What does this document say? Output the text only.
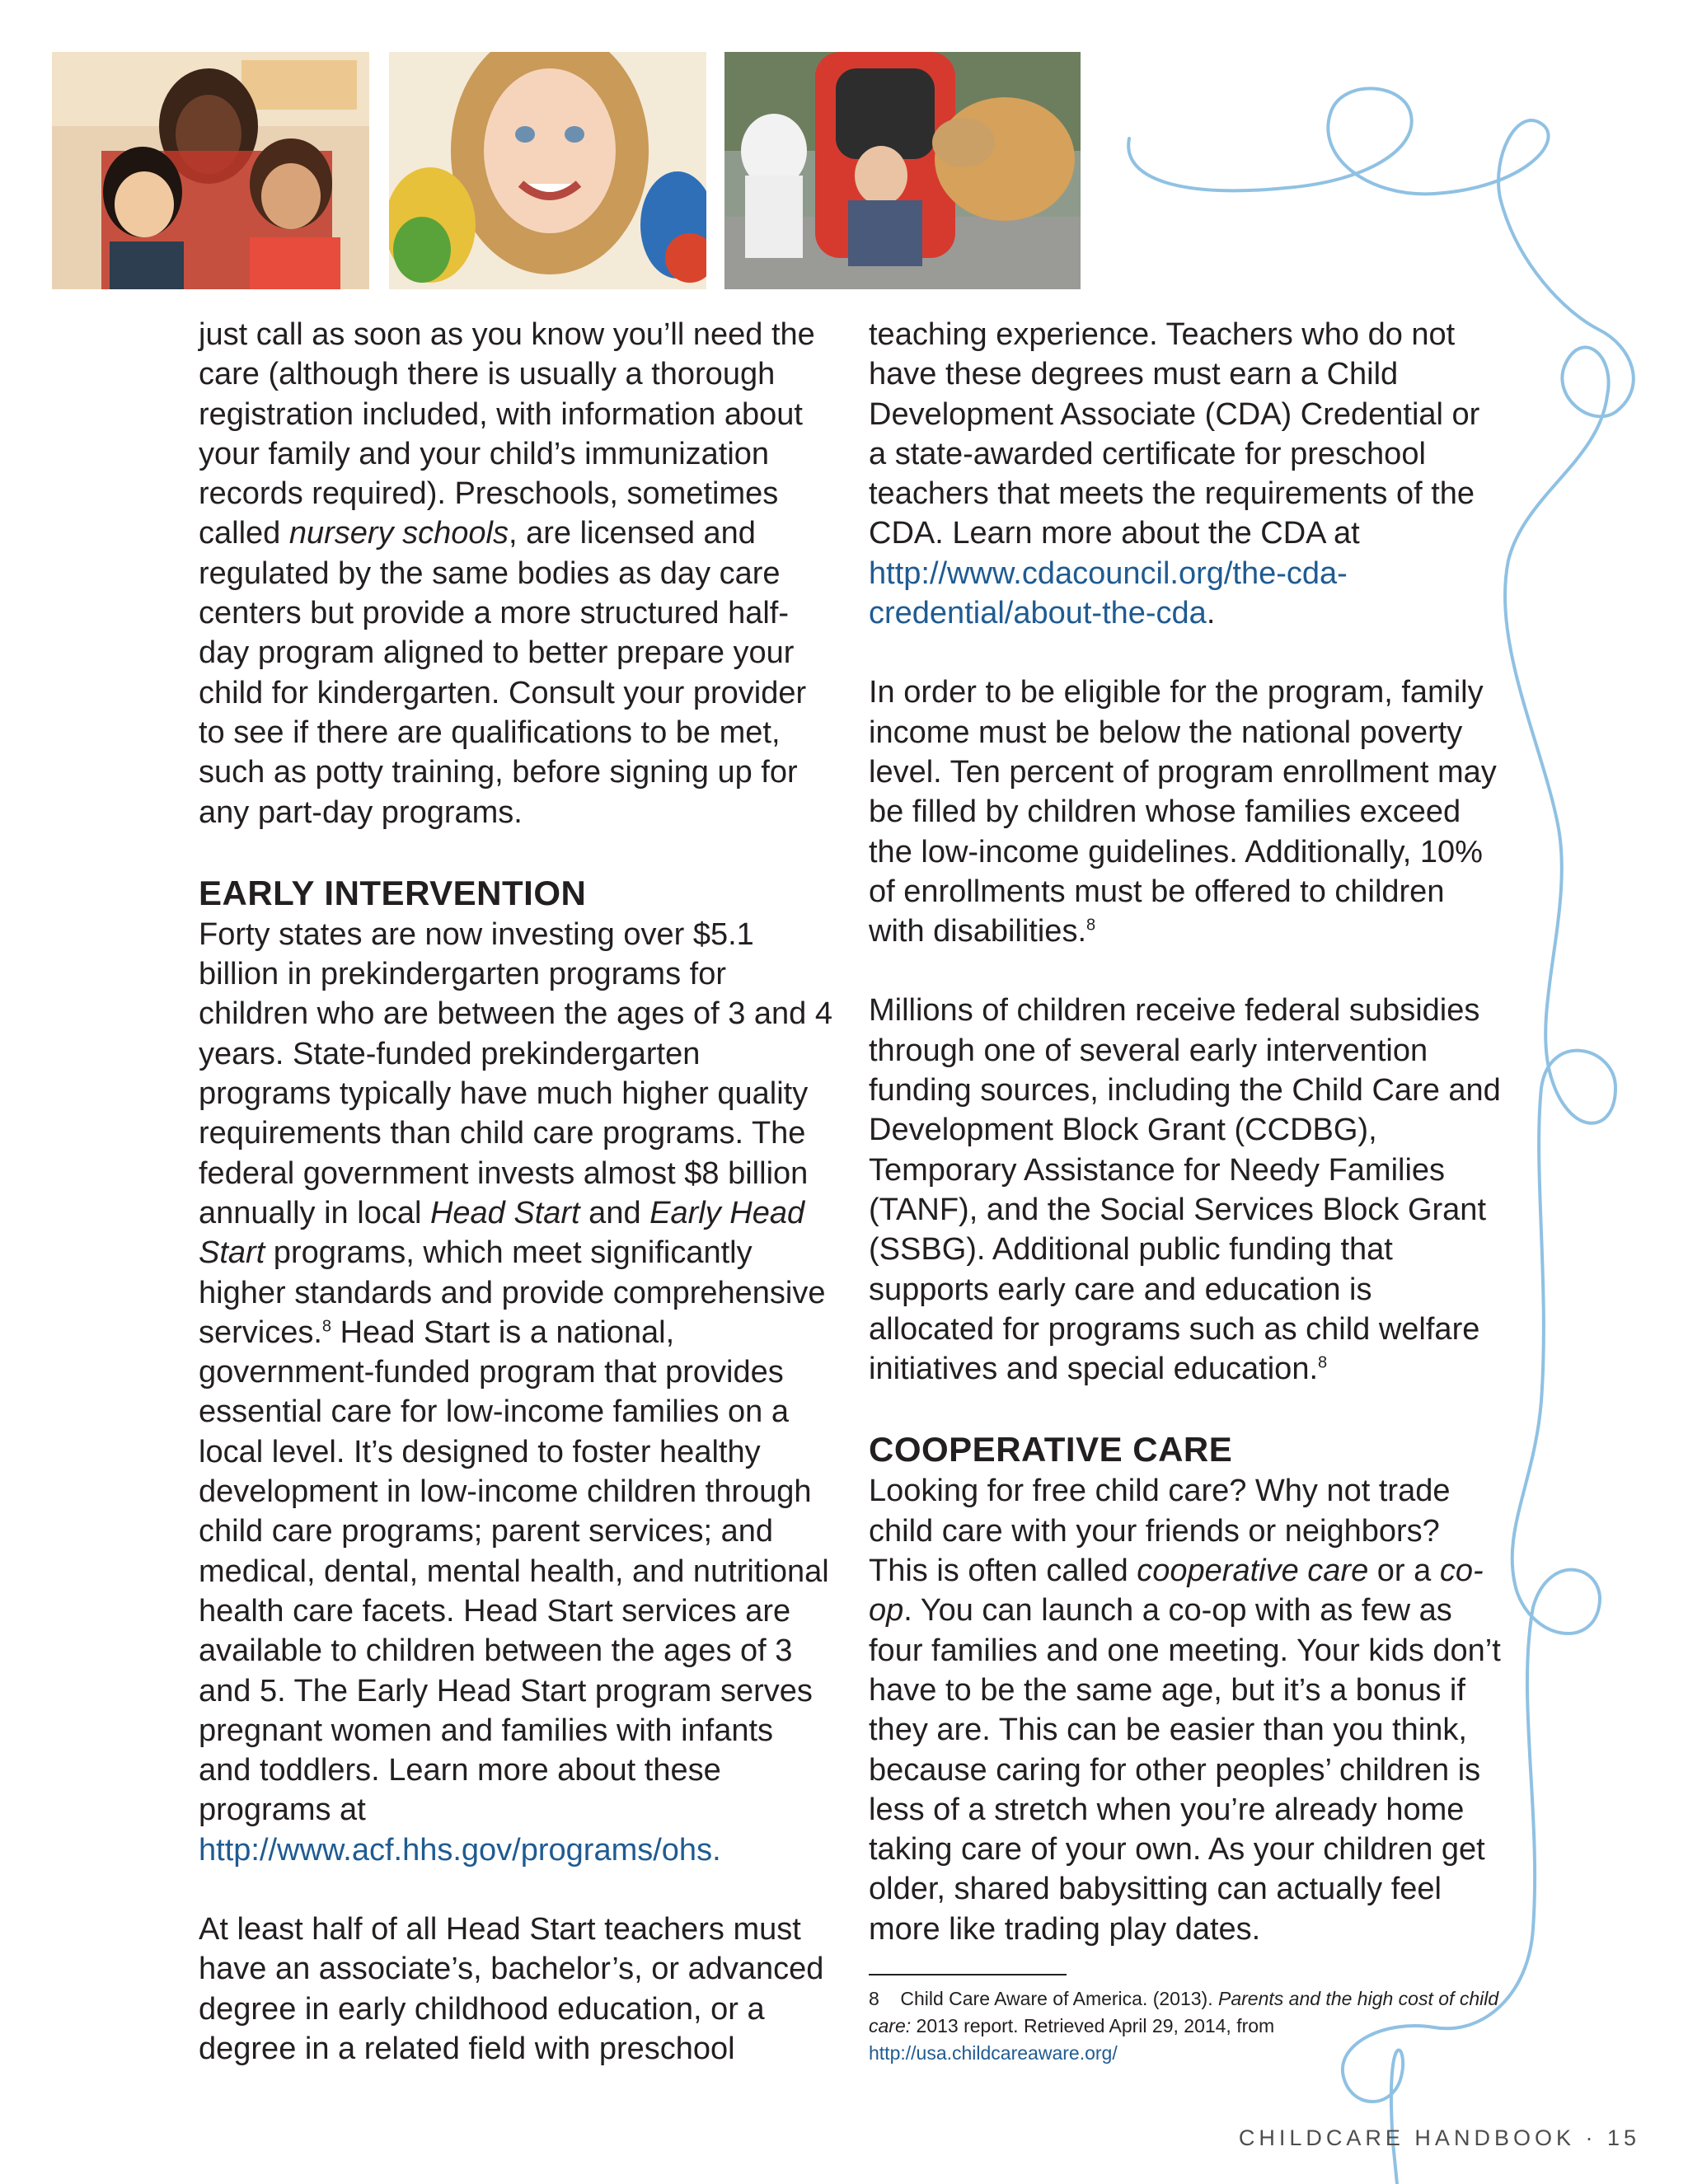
just call as soon as you know you’ll need the care (although there is usually a thorough registration included, with information about your family and your child’s immunization records required). Preschools, sometimes called nursery schools, are licensed and regulated by the same bodies as day care centers but provide a more structured half-day program aligned to better prepare your child for kindergarten. Consult your provider to see if there are qualifications to be met, such as potty training, before signing up for any part-day programs.

EARLY INTERVENTION

Forty states are now investing over $5.1 billion in prekindergarten programs for children who are between the ages of 3 and 4 years. State-funded prekindergarten programs typically have much higher quality requirements than child care programs. The federal government invests almost $8 billion annually in local Head Start and Early Head Start programs, which meet significantly higher standards and provide comprehensive services.$^8$ Head Start is a national, government-funded program that provides essential care for low-income families on a local level. It’s designed to foster healthy development in low-income children through child care programs; parent services; and medical, dental, mental health, and nutritional health care facets. Head Start services are available to children between the ages of 3 and 5. The Early Head Start program serves pregnant women and families with infants and toddlers. Learn more about these programs at http://www.acf.hhs.gov/programs/ohs.

At least half of all Head Start teachers must have an associate’s, bachelor’s, or advanced degree in early childhood education, or a degree in a related field with preschool

teaching experience. Teachers who do not have these degrees must earn a Child Development Associate (CDA) Credential or a state-awarded certificate for preschool teachers that meets the requirements of the CDA. Learn more about the CDA at http://www.cdacouncil.org/the-cda-credential/about-the-cda.

In order to be eligible for the program, family income must be below the national poverty level. Ten percent of program enrollment may be filled by children whose families exceed the low-income guidelines. Additionally, 10% of enrollments must be offered to children with disabilities.$^8$

Millions of children receive federal subsidies through one of several early intervention funding sources, including the Child Care and Development Block Grant (CCDBG), Temporary Assistance for Needy Families (TANF), and the Social Services Block Grant (SSBG). Additional public funding that supports early care and education is allocated for programs such as child welfare initiatives and special education.$^8$

COOPERATIVE CARE

Looking for free child care? Why not trade child care with your friends or neighbors? This is often called cooperative care or a co-op. You can launch a co-op with as few as four families and one meeting. Your kids don’t have to be the same age, but it’s a bonus if they are. This can be easier than you think, because caring for other peoples’ children is less of a stretch when you’re already home taking care of your own. As your children get older, shared babysitting can actually feel more like trading play dates.

8    Child Care Aware of America. (2013). Parents and the high cost of child care: 2013 report. Retrieved April 29, 2014, from http://usa.childcareaware.org/
CHILDCARE HANDBOOK · 15
